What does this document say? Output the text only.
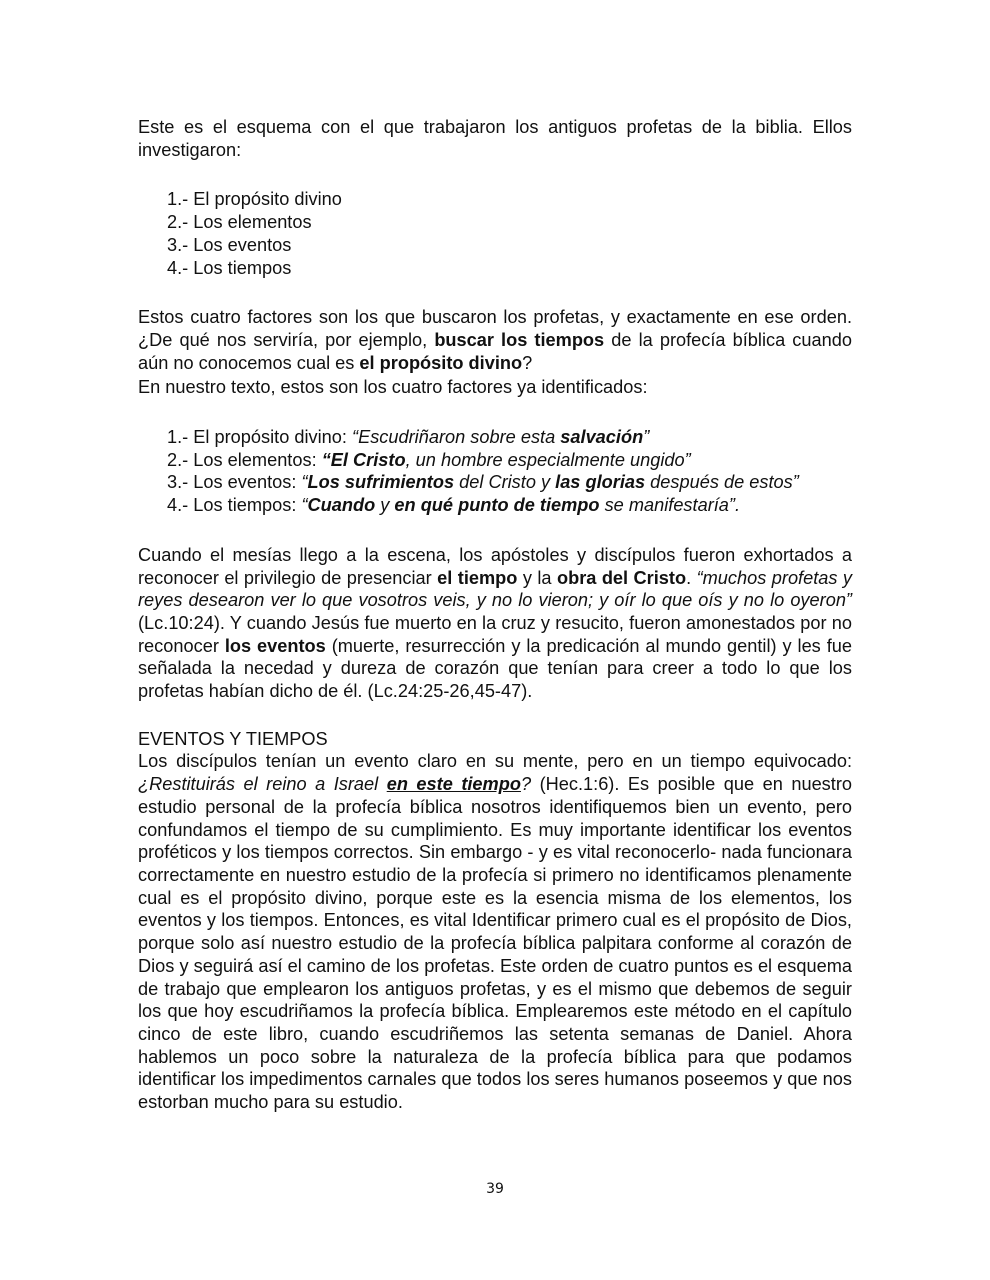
Este es el esquema con el que trabajaron los antiguos profetas de la biblia. Ellos investigaron:

1.- El propósito divino
2.- Los elementos
3.- Los eventos
4.- Los tiempos

Estos cuatro factores son los que buscaron los profetas, y exactamente en ese orden. ¿De qué nos serviría, por ejemplo, buscar los tiempos de la profecía bíblica cuando aún no conocemos cual es el propósito divino?

En nuestro texto, estos son los cuatro factores ya identificados:

1.- El propósito divino: “Escudriñaron sobre esta salvación”
2.- Los elementos: “El Cristo, un hombre especialmente ungido”
3.- Los eventos: “Los sufrimientos del Cristo y las glorias después de estos”
4.- Los tiempos: “Cuando y en qué punto de tiempo se manifestaría”.

Cuando el mesías llego a la escena, los apóstoles y discípulos fueron exhortados a reconocer el privilegio de presenciar el tiempo y la obra del Cristo. “muchos profetas y reyes desearon ver lo que vosotros veis, y no lo vieron; y oír lo que oís y no lo oyeron” (Lc.10:24). Y cuando Jesús fue muerto en la cruz y resucito, fueron amonestados por no reconocer los eventos (muerte, resurrección y la predicación al mundo gentil) y les fue señalada la necedad y dureza de corazón que tenían para creer a todo lo que los profetas habían dicho de él. (Lc.24:25-26,45-47).

EVENTOS Y TIEMPOS

Los discípulos tenían un evento claro en su mente, pero en un tiempo equivocado: ¿Restituirás el reino a Israel en este tiempo? (Hec.1:6). Es posible que en nuestro estudio personal de la profecía bíblica nosotros identifiquemos bien un evento, pero confundamos el tiempo de su cumplimiento. Es muy importante identificar los eventos proféticos y los tiempos correctos. Sin embargo - y es vital reconocerlo- nada funcionara correctamente en nuestro estudio de la profecía si primero no identificamos plenamente cual es el propósito divino, porque este es la esencia misma de los elementos, los eventos y los tiempos. Entonces, es vital Identificar primero cual es el propósito de Dios, porque solo así nuestro estudio de la profecía bíblica palpitara conforme al corazón de Dios y seguirá así el camino de los profetas. Este orden de cuatro puntos es el esquema de trabajo que emplearon los antiguos profetas, y es el mismo que debemos de seguir los que hoy escudriñamos la profecía bíblica. Emplearemos este método en el capítulo cinco de este libro, cuando escudriñemos las setenta semanas de Daniel. Ahora hablemos un poco sobre la naturaleza de la profecía bíblica para que podamos identificar los impedimentos carnales que todos los seres humanos poseemos y que nos estorban mucho para su estudio.

39
